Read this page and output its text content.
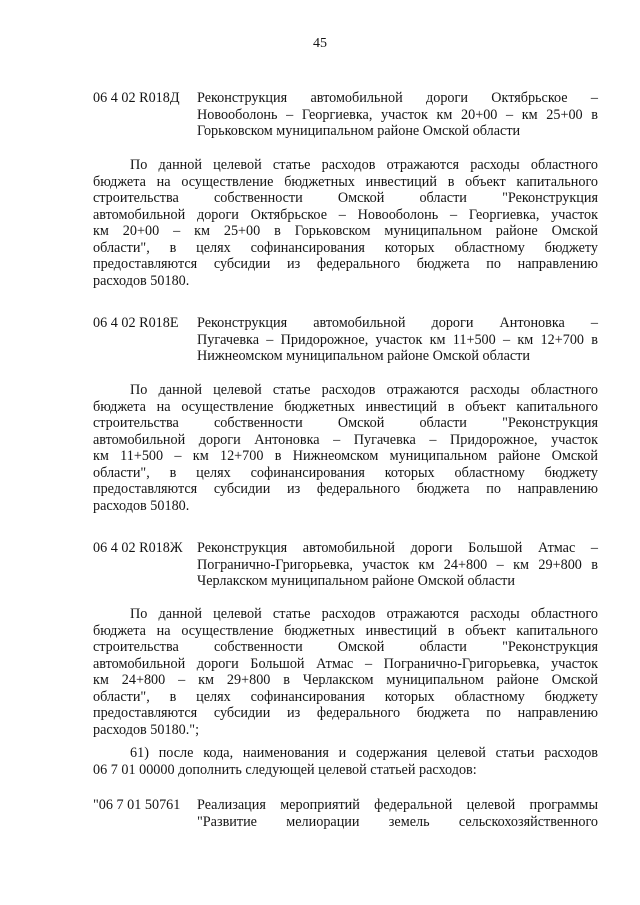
45
06 4 02 R018Д	Реконструкция автомобильной дороги Октябрьское –
Новооболонь – Георгиевка, участок км 20+00 – км 25+00 в
Горьковском муниципальном районе Омской области
По данной целевой статье расходов отражаются расходы областного
бюджета на осуществление бюджетных инвестиций в объект капитального
строительства собственности Омской области "Реконструкция
автомобильной дороги Октябрьское – Новооболонь – Георгиевка, участок
км 20+00 – км 25+00 в Горьковском муниципальном районе Омской
области", в целях софинансирования которых областному бюджету
предоставляются субсидии из федерального бюджета по направлению
расходов 50180.
06 4 02 R018Е	Реконструкция автомобильной дороги Антоновка –
Пугачевка – Придорожное, участок км 11+500 – км 12+700 в
Нижнеомском муниципальном районе Омской области
По данной целевой статье расходов отражаются расходы областного
бюджета на осуществление бюджетных инвестиций в объект капитального
строительства собственности Омской области "Реконструкция
автомобильной дороги Антоновка – Пугачевка – Придорожное, участок
км 11+500 – км 12+700 в Нижнеомском муниципальном районе Омской
области", в целях софинансирования которых областному бюджету
предоставляются субсидии из федерального бюджета по направлению
расходов 50180.
06 4 02 R018Ж	Реконструкция автомобильной дороги Большой Атмас –
Погранично-Григорьевка, участок км 24+800 – км 29+800 в
Черлакском муниципальном районе Омской области
По данной целевой статье расходов отражаются расходы областного
бюджета на осуществление бюджетных инвестиций в объект капитального
строительства собственности Омской области "Реконструкция
автомобильной дороги Большой Атмас – Погранично-Григорьевка, участок
км 24+800 – км 29+800 в Черлакском муниципальном районе Омской
области", в целях софинансирования которых областному бюджету
предоставляются субсидии из федерального бюджета по направлению
расходов 50180.";
61) после кода, наименования и содержания целевой статьи расходов
06 7 01 00000 дополнить следующей целевой статьей расходов:
"06 7 01 50761	Реализация мероприятий федеральной целевой программы
"Развитие мелиорации земель сельскохозяйственного
